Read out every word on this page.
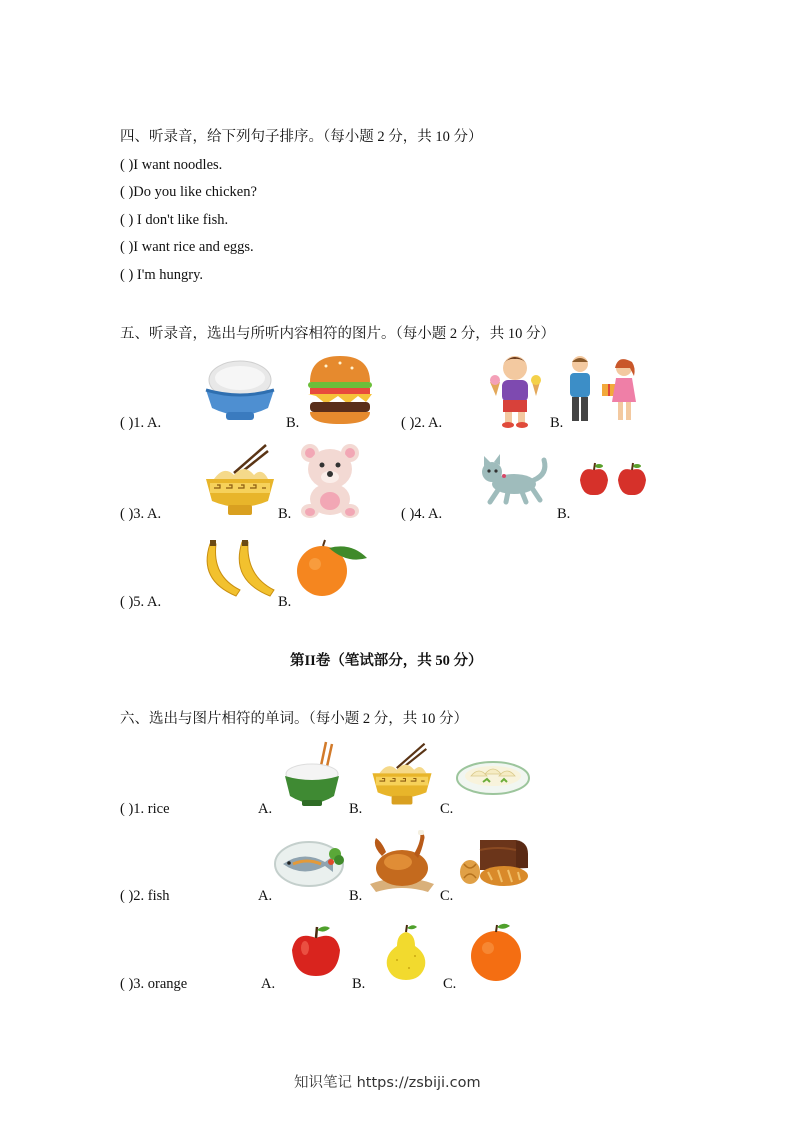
四、听录音，给下列句子排序。（每小题 2 分，共 10 分）
( )I want noodles.
( )Do you like chicken?
( ) I don't like fish.
( )I want rice and eggs.
( ) I'm hungry.
五、听录音，选出与所听内容相符的图片。（每小题 2 分，共 10 分）
( )1. A.	B.	( )2. A.	B.
( )3. A.	B.	( )4. A.	B.
( )5. A.	B.
第II卷（笔试部分，共 50 分）
六、选出与图片相符的单词。（每小题 2 分，共 10 分）
( )1. rice	A.	B.	C.
( )2. fish	A.	B.	C.
( )3. orange	A.	B.	C.
知识笔记 https://zsbiji.com
